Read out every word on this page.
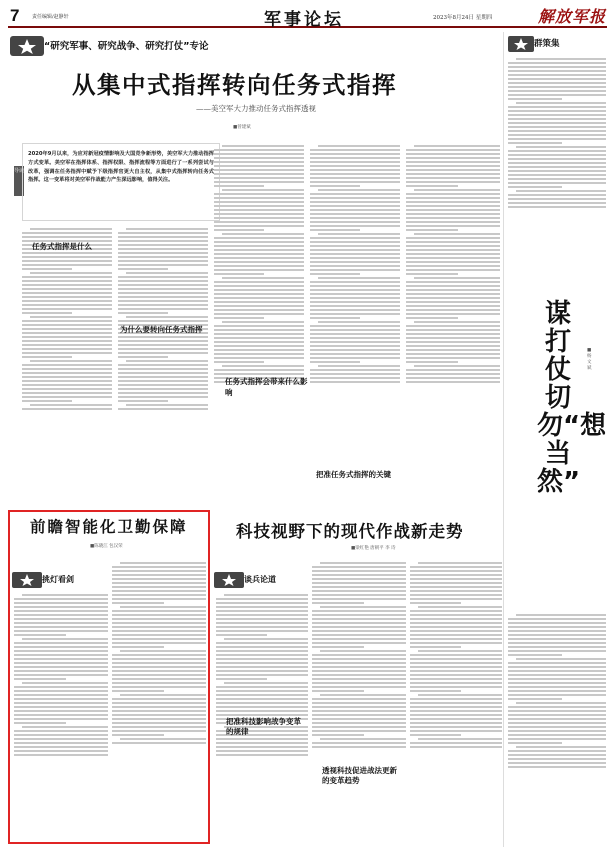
7	责任编辑/赵静轩	军事论坛	2023年8月24日 星期四	解放军报
“研究军事、研究战争、研究打仗”专论
从集中式指挥转向任务式指挥
——美空军大力推动任务式指挥透视
■曾建斌
导读
2020年9月以来，为应对新冠疫情影响及大国竞争新形势，美空军大力推动指挥方式变革。美空军在指挥体系、指挥权限、指挥流程等方面进行了一系列尝试与改革，强调在任务指挥中赋予下级指挥官更大自主权，从集中式指挥转向任务式指挥。这一变革将对美空军作战能力产生深远影响，值得关注。
任务式指挥是什么
为什么要转向任务式指挥
任务式指挥会带来什么影响
把准任务式指挥的关键
群策集
谋打仗切勿“想当然”
■杨文斌
前瞻智能化卫勤保障
■陈晓江 包汉荣
挑灯看剑
科技视野下的现代作战新走势
■梁红艳 唐朝平 李 诗
谈兵论道
把准科技影响战争变革的规律
透视科技促进战法更新的变革趋势
